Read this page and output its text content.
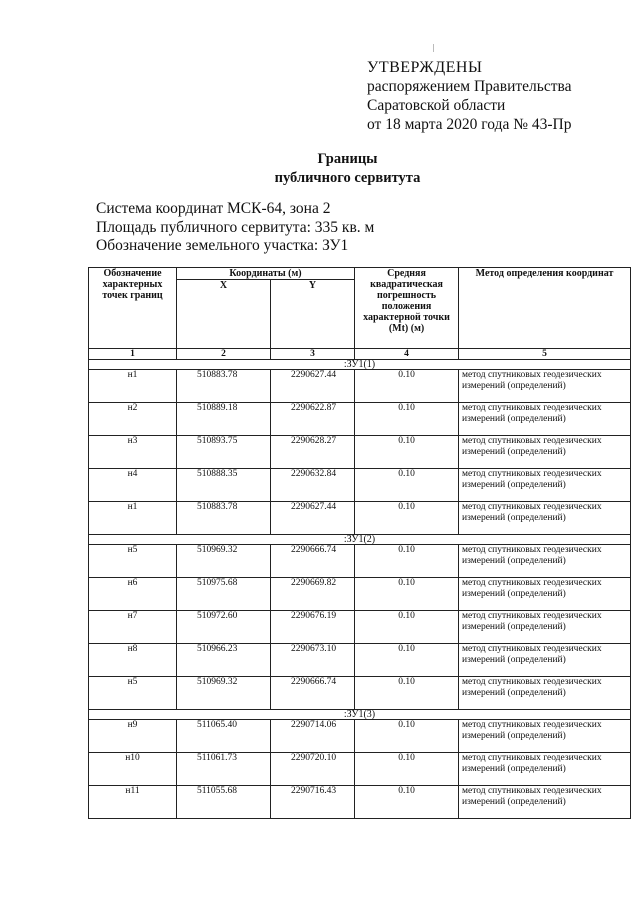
УТВЕРЖДЕНЫ
распоряжением Правительства
Саратовской области
от 18 марта 2020 года № 43-Пр
Границы
публичного сервитута
Система координат МСК-64, зона 2
Площадь публичного сервитута: 335 кв. м
Обозначение земельного участка: ЗУ1
Обозначение характерных точек границ	Координаты (м)		Средняя квадратическая погрешность положения характерной точки (Mt) (м)	Метод определения координат
	X	Y		
1	2	3	4	5
:ЗУ1(1)				
н1	510883.78	2290627.44	0.10	метод спутниковых геодезических измерений (определений)
н2	510889.18	2290622.87	0.10	метод спутниковых геодезических измерений (определений)
н3	510893.75	2290628.27	0.10	метод спутниковых геодезических измерений (определений)
н4	510888.35	2290632.84	0.10	метод спутниковых геодезических измерений (определений)
н1	510883.78	2290627.44	0.10	метод спутниковых геодезических измерений (определений)
:ЗУ1(2)				
н5	510969.32	2290666.74	0.10	метод спутниковых геодезических измерений (определений)
н6	510975.68	2290669.82	0.10	метод спутниковых геодезических измерений (определений)
н7	510972.60	2290676.19	0.10	метод спутниковых геодезических измерений (определений)
н8	510966.23	2290673.10	0.10	метод спутниковых геодезических измерений (определений)
н5	510969.32	2290666.74	0.10	метод спутниковых геодезических измерений (определений)
:ЗУ1(3)				
н9	511065.40	2290714.06	0.10	метод спутниковых геодезических измерений (определений)
н10	511061.73	2290720.10	0.10	метод спутниковых геодезических измерений (определений)
н11	511055.68	2290716.43	0.10	метод спутниковых геодезических измерений (определений)
